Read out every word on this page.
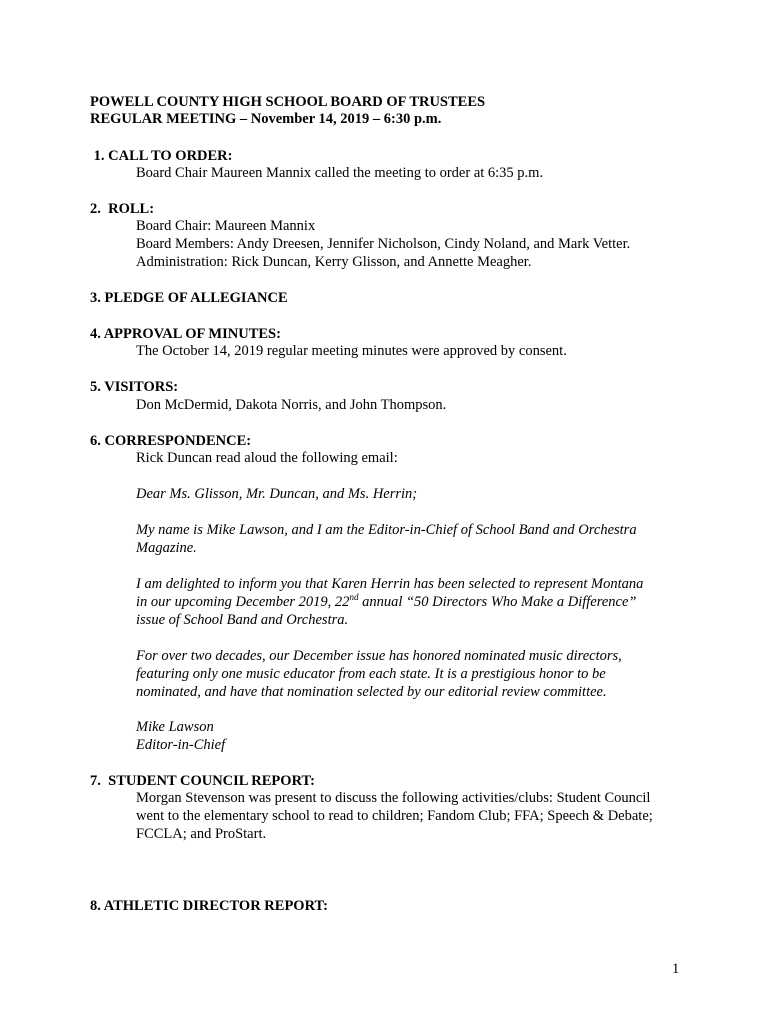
POWELL COUNTY HIGH SCHOOL BOARD OF TRUSTEES
REGULAR MEETING – November 14, 2019 – 6:30 p.m.
1. CALL TO ORDER:
Board Chair Maureen Mannix called the meeting to order at 6:35 p.m.
2.  ROLL:
Board Chair: Maureen Mannix
Board Members: Andy Dreesen, Jennifer Nicholson, Cindy Noland, and Mark Vetter.
Administration: Rick Duncan, Kerry Glisson, and Annette Meagher.
3. PLEDGE OF ALLEGIANCE
4. APPROVAL OF MINUTES:
The October 14, 2019 regular meeting minutes were approved by consent.
5. VISITORS:
Don McDermid, Dakota Norris, and John Thompson.
6. CORRESPONDENCE:
Rick Duncan read aloud the following email:
Dear Ms. Glisson, Mr. Duncan, and Ms. Herrin;
My name is Mike Lawson, and I am the Editor-in-Chief of School Band and Orchestra
Magazine.
I am delighted to inform you that Karen Herrin has been selected to represent Montana
in our upcoming December 2019, 22nd annual “50 Directors Who Make a Difference”
issue of School Band and Orchestra.
For over two decades, our December issue has honored nominated music directors,
featuring only one music educator from each state. It is a prestigious honor to be
nominated, and have that nomination selected by our editorial review committee.
Mike Lawson
Editor-in-Chief
7.  STUDENT COUNCIL REPORT:
Morgan Stevenson was present to discuss the following activities/clubs: Student Council
went to the elementary school to read to children; Fandom Club; FFA; Speech & Debate;
FCCLA; and ProStart.
8. ATHLETIC DIRECTOR REPORT:
1
